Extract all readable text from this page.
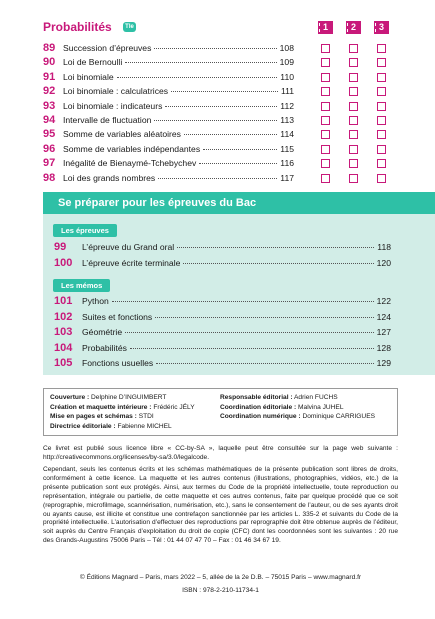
Probabilités	Tle	1	2	3
89 Succession d’épreuves	108
90 Loi de Bernoulli	109
91 Loi binomiale	110
92 Loi binomiale : calculatrices	111
93 Loi binomiale : indicateurs	112
94 Intervalle de fluctuation	113
95 Somme de variables aléatoires	114
96 Somme de variables indépendantes	115
97 Inégalité de Bienaymé-Tchebychev	116
98 Loi des grands nombres	117
Se préparer pour les épreuves du Bac
Les épreuves
99	L’épreuve du Grand oral	118
100	L’épreuve écrite terminale	120
Les mémos
101	Python	122
102	Suites et fonctions	124
103	Géométrie	127
104	Probabilités	128
105	Fonctions usuelles	129
Couverture : Delphine D’INGUIMBERT
Création et maquette intérieure : Frédéric JÉLY
Mise en pages et schémas : STDI
Directrice éditoriale : Fabienne MICHEL
Responsable éditorial : Adrien FUCHS
Coordination éditoriale : Malvina JUHEL
Coordination numérique : Dominique CARRIGUES
Ce livret est publié sous licence libre « CC-by-SA », laquelle peut être consultée sur la page web suivante : http://creativecommons.org/licenses/by-sa/3.0/legalcode.
Cependant, seuls les contenus écrits et les schémas mathématiques de la présente publication sont libres de droits, conformément à cette licence. La maquette et les autres contenus (illustrations, photographies, vidéos, etc.) de la présente publication sont eux protégés. Ainsi, aux termes du Code de la propriété intellectuelle, toute reproduction ou représentation, intégrale ou partielle, de cette maquette et ces autres contenus, faite par quelque procédé que ce soit (reprographie, microfilmage, scannérisation, numérisation, etc.), sans le consentement de l’auteur, ou de ses ayants droit ou ayants cause, est illicite et constitue une contrefaçon sanctionnée par les articles L. 335-2 et suivants du Code de la propriété intellectuelle. L’autorisation d’effectuer des reproductions par reprographie doit être obtenue auprès de l’éditeur, soit auprès du Centre Français d’exploitation du droit de copie (CFC) dont les coordonnées sont les suivantes : 20 rue des Grands-Augustins 75006 Paris – Tél : 01 44 07 47 70 – Fax : 01 46 34 67 19.
© Éditions Magnard – Paris, mars 2022 – 5, allée de la 2e D.B. – 75015 Paris – www.magnard.fr
ISBN : 978-2-210-11734-1
